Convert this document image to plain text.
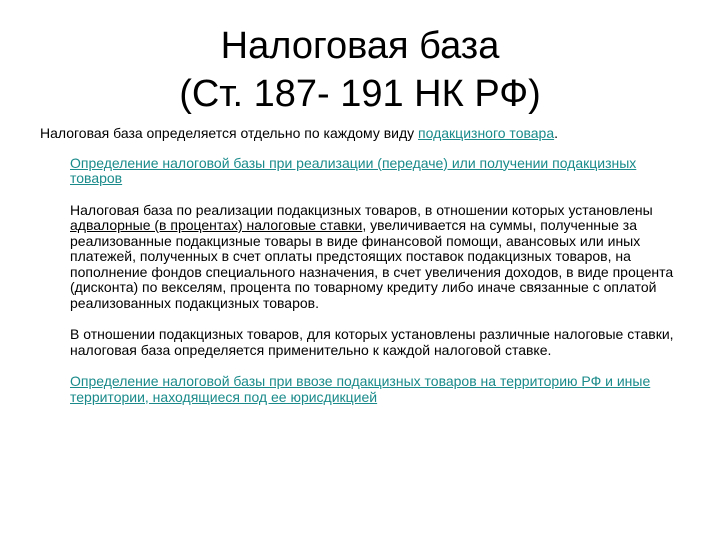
Налоговая база
(Ст. 187- 191 НК РФ)

Налоговая база определяется отдельно по каждому виду подакцизного товара.

Определение налоговой базы при реализации (передаче) или получении подакцизных товаров

Налоговая база по реализации подакцизных товаров, в отношении которых установлены адвалорные (в процентах) налоговые ставки, увеличивается на суммы, полученные за реализованные подакцизные товары в виде финансовой помощи, авансовых или иных платежей, полученных в счет оплаты предстоящих поставок подакцизных товаров, на пополнение фондов специального назначения, в счет увеличения доходов, в виде процента (дисконта) по векселям, процента по товарному кредиту либо иначе связанные с оплатой реализованных подакцизных товаров.

В отношении подакцизных товаров, для которых установлены различные налоговые ставки, налоговая база определяется применительно к каждой налоговой ставке.

Определение налоговой базы при ввозе подакцизных товаров на территорию РФ и иные территории, находящиеся под ее юрисдикцией
